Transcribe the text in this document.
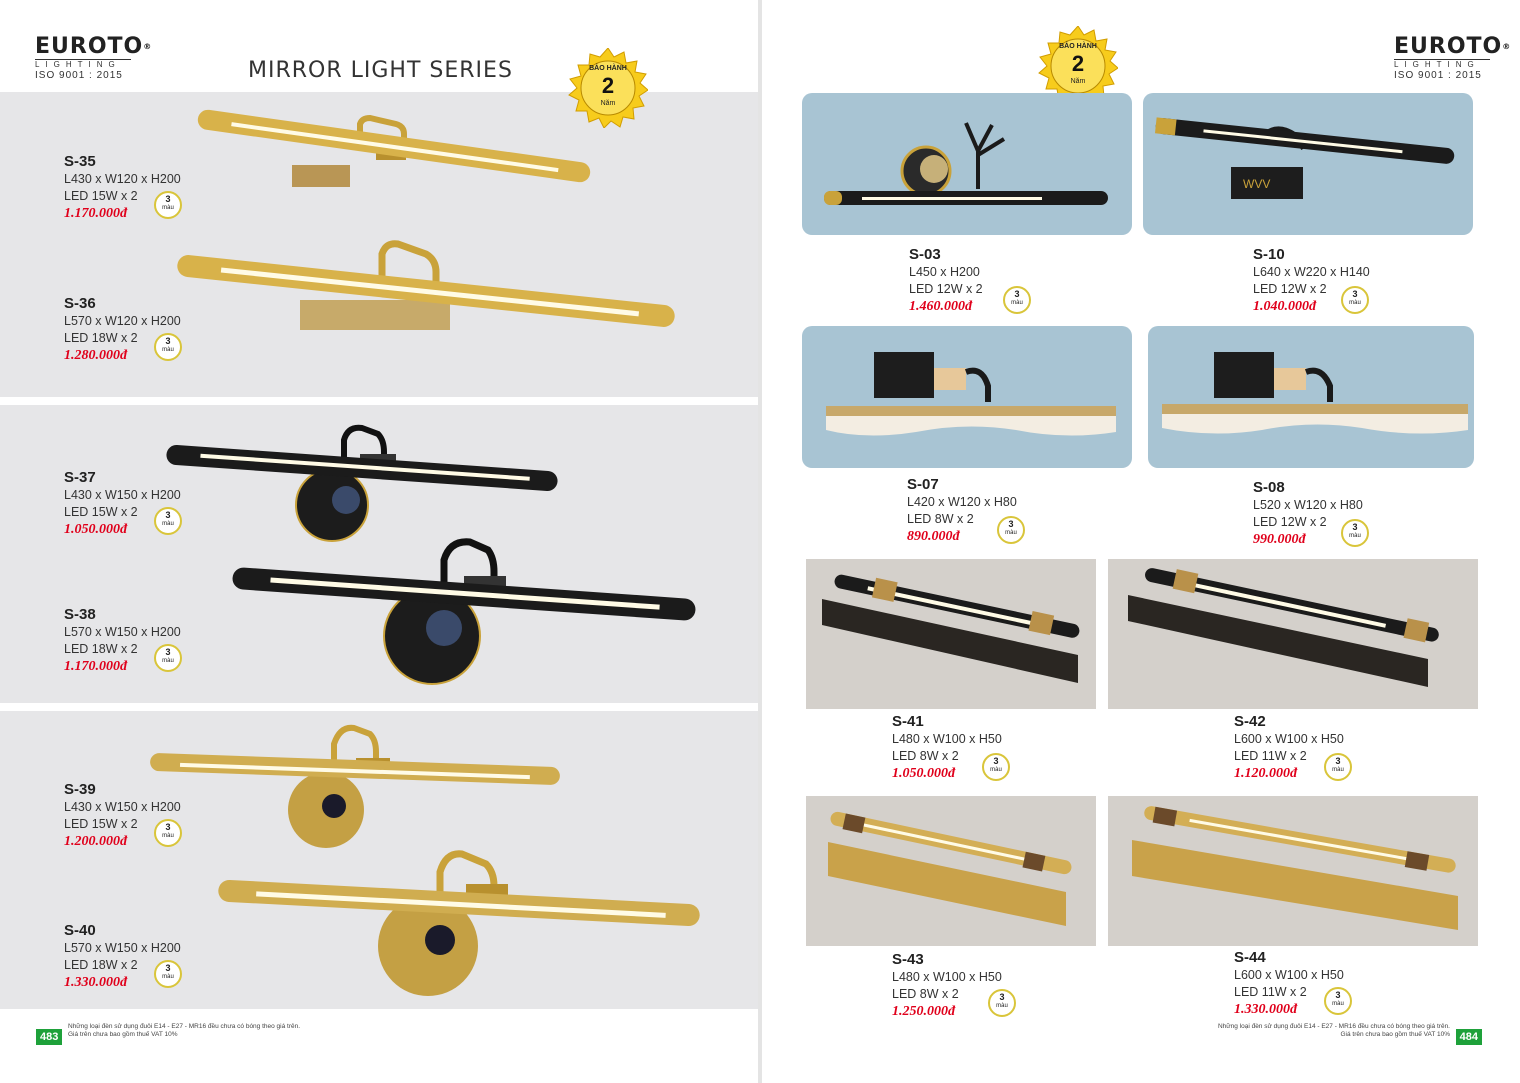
EUROTO®
LIGHTING
ISO 9001 : 2015	MIRROR LIGHT SERIES	BẢO HÀNH
2
Năm
S-35
L430 x W120 x H200
LED 15W x 2
1.170.000đ
3
màu
S-36
L570 x W120 x H200
LED 18W x 2
1.280.000đ
3
màu
S-37
L430 x W150 x H200
LED 15W x 2
1.050.000đ
3
màu
S-38
L570 x W150 x H200
LED 18W x 2
1.170.000đ
3
màu
S-39
L430 x W150 x H200
LED 15W x 2
1.200.000đ
3
màu
S-40
L570 x W150 x H200
LED 18W x 2
1.330.000đ
3
màu
483
Những loại đèn sử dụng đuôi E14 - E27 - MR16 đều chưa có bóng theo giá trên.
Giá trên chưa bao gồm thuế VAT 10%
EUROTO®
LIGHTING
ISO 9001 : 2015
BẢO HÀNH
2
Năm
WVV
S-03
L450 x H200
LED 12W x 2
1.460.000đ
3
màu
S-10
L640 x W220 x H140
LED 12W x 2
1.040.000đ
3
màu
S-07
L420 x W120 x H80
LED 8W x 2
890.000đ
3
màu
S-08
L520 x W120 x H80
LED 12W x 2
990.000đ
3
màu
S-41
L480 x W100 x H50
LED 8W x 2
1.050.000đ
3
màu
S-42
L600 x W100 x H50
LED 11W x 2
1.120.000đ
3
màu
S-43
L480 x W100 x H50
LED 8W x 2
1.250.000đ
3
màu
S-44
L600 x W100 x H50
LED 11W x 2
1.330.000đ
3
màu
Những loại đèn sử dụng đuôi E14 - E27 - MR16 đều chưa có bóng theo giá trên.
Giá trên chưa bao gồm thuế VAT 10% 484
